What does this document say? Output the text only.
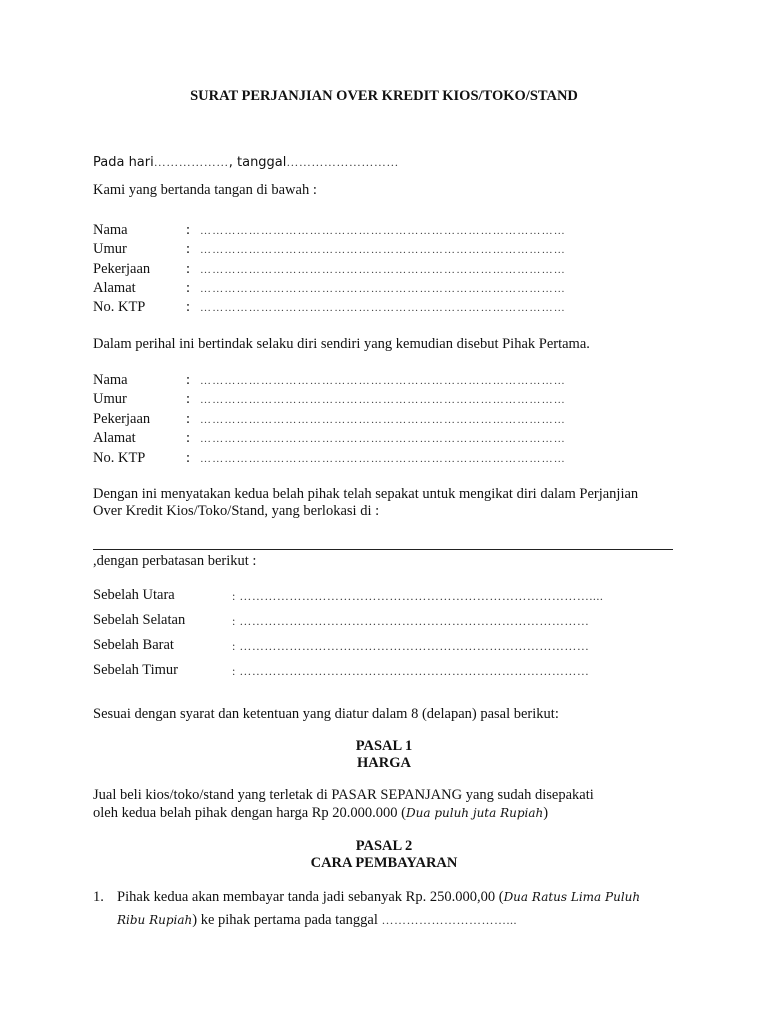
SURAT PERJANJIAN OVER KREDIT KIOS/TOKO/STAND
Pada hari………………, tanggal………………………
Kami yang bertanda tangan di bawah :
Nama	: ………………………………………………………………………………
Umur	: ………………………………………………………………………………
Pekerjaan : ………………………………………………………………………………
Alamat	: ………………………………………………………………………………
No. KTP	: ………………………………………………………………………………
Dalam perihal ini bertindak selaku diri sendiri yang kemudian disebut Pihak Pertama.
Nama	: ………………………………………………………………………………
Umur	: ………………………………………………………………………………
Pekerjaan : ………………………………………………………………………………
Alamat	: ………………………………………………………………………………
No. KTP	: ………………………………………………………………………………
Dengan ini menyatakan kedua belah pihak telah sepakat untuk mengikat diri dalam Perjanjian
Over Kredit Kios/Toko/Stand, yang berlokasi di :
,dengan perbatasan berikut :
Sebelah Utara	: …………………………………………………………………………....
Sebelah Selatan	: …………………………………………………………………………
Sebelah Barat	: …………………………………………………………………………
Sebelah Timur	: …………………………………………………………………………
Sesuai dengan syarat dan ketentuan yang diatur dalam 8 (delapan) pasal berikut:
PASAL 1
HARGA
Jual beli kios/toko/stand yang terletak di PASAR SEPANJANG yang sudah disepakati
oleh kedua belah pihak dengan harga Rp 20.000.000 (Dua puluh juta Rupiah)
PASAL 2
CARA PEMBAYARAN
1. Pihak kedua akan membayar tanda jadi sebanyak Rp. 250.000,00 (Dua Ratus Lima Puluh
Ribu Rupiah) ke pihak pertama pada tanggal …………………………...
